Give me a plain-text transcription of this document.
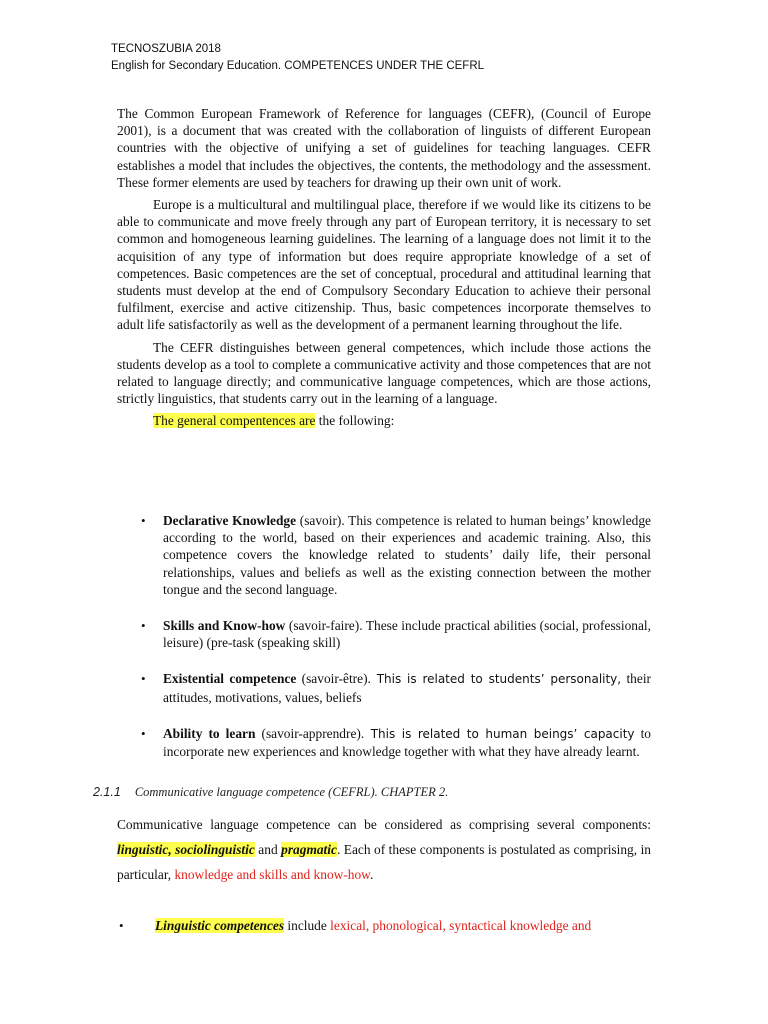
TECNOSZUBIA 2018
English for Secondary Education. COMPETENCES UNDER THE CEFRL

The Common European Framework of Reference for languages (CEFR), (Council of Europe 2001), is a document that was created with the collaboration of linguists of different European countries with the objective of unifying a set of guidelines for teaching languages. CEFR establishes a model that includes the objectives, the contents, the methodology and the assessment. These former elements are used by teachers for drawing up their own unit of work.

Europe is a multicultural and multilingual place, therefore if we would like its citizens to be able to communicate and move freely through any part of European territory, it is necessary to set common and homogeneous learning guidelines. The learning of a language does not limit it to the acquisition of any type of information but does require appropriate knowledge of a set of competences. Basic competences are the set of conceptual, procedural and attitudinal learning that students must develop at the end of Compulsory Secondary Education to achieve their personal fulfilment, exercise and active citizenship. Thus, basic competences incorporate themselves to adult life satisfactorily as well as the development of a permanent learning throughout the life.

The CEFR distinguishes between general competences, which include those actions the students develop as a tool to complete a communicative activity and those competences that are not related to language directly; and communicative language competences, which are those actions, strictly linguistics, that students carry out in the learning of a language.

The general compentences are the following:

• Declarative Knowledge (savoir). This competence is related to human beings’ knowledge according to the world, based on their experiences and academic training. Also, this competence covers the knowledge related to students’ daily life, their personal relationships, values and beliefs as well as the existing connection between the mother tongue and the second language.
• Skills and Know-how (savoir-faire). These include practical abilities (social, professional, leisure) (pre-task (speaking skill)
• Existential competence (savoir-être). This is related to students’ personality, their attitudes, motivations, values, beliefs
• Ability to learn (savoir-apprendre). This is related to human beings’ capacity to incorporate new experiences and knowledge together with what they have already learnt.
2.1.1 Communicative language competence (CEFRL). CHAPTER 2.

Communicative language competence can be considered as comprising several components: linguistic, sociolinguistic and pragmatic. Each of these components is postulated as comprising, in particular, knowledge and skills and know-how.

• Linguistic competences include lexical, phonological, syntactical knowledge and
